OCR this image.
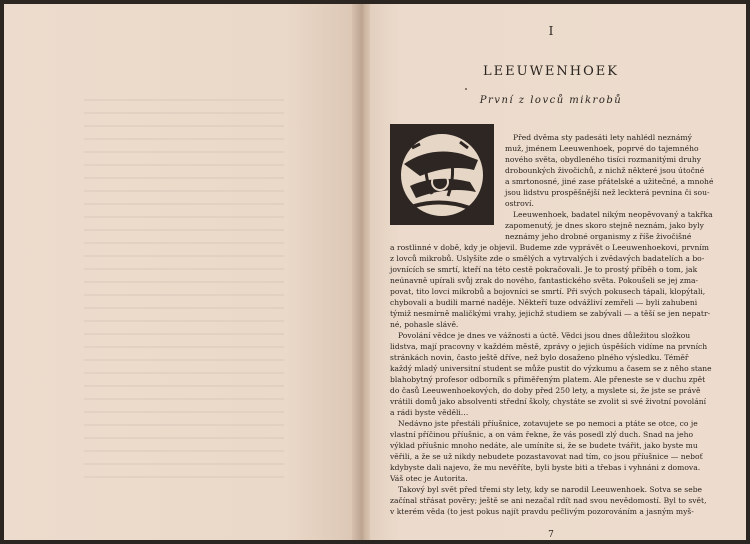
I
LEEUWENHOEK
První z lovců mikrobů
Před dvěma sty padesáti lety nahlédl neznámý
muž, jménem Leeuwenhoek, poprvé do tajemného
nového světa, obydleného tisíci rozmanitými druhy
drobounkých živočichů, z nichž některé jsou útočné
a smrtonosné, jiné zase přátelské a užitečné, a mnohé
jsou lidstvu prospěšnější než leckterá pevnina či sou-
ostroví.
Leeuwenhoek, badatel nikým neopěvovaný a takřka
zapomenutý, je dnes skoro stejně neznám, jako byly
neznámy jeho drobné organismy z říše živočišné
a rostlinné v době, kdy je objevil. Budeme zde vyprávět o Leeuwenhoekovi, prvním
z lovců mikrobů. Uslyšíte zde o smělých a vytrvalých i zvědavých badatelích a bo-
jovnících se smrtí, kteří na této cestě pokračovali. Je to prostý příběh o tom, jak
neúnavně upírali svůj zrak do nového, fantastického světa. Pokoušeli se jej zma-
povat, tito lovci mikrobů a bojovníci se smrtí. Při svých pokusech tápali, klopýtali,
chybovali a budili marné naděje. Někteří tuze odvážliví zemřeli — byli zahubeni
týmiž nesmírně maličkými vrahy, jejichž studiem se zabývali — a těší se jen nepatr-
né, pohasle slávě.
Povolání vědce je dnes ve vážnosti a úctě. Vědci jsou dnes důležitou složkou
lidstva, mají pracovny v každém městě, zprávy o jejich úspěších vidíme na prvních
stránkách novin, často ještě dříve, než bylo dosaženo plného výsledku. Téměř
každý mladý universitní student se může pustit do výzkumu a časem se z něho stane
blahobytný profesor odborník s přiměřeným platem. Ale přeneste se v duchu zpět
do časů Leeuwenhoekových, do doby před 250 lety, a myslete si, že jste se právě
vrátili domů jako absolventi střední školy, chystáte se zvolit si své životní povolání
a rádi byste věděli…
Nedávno jste přestáli příušnice, zotavujete se po nemoci a ptáte se otce, co je
vlastní příčinou příušnic, a on vám řekne, že vás posedl zlý duch. Snad na jeho
výklad příušnic mnoho nedáte, ale umíníte si, že se budete tvářit, jako byste mu
věřili, a že se už nikdy nebudete pozastavovat nad tím, co jsou příušnice — neboť
kdybyste dali najevo, že mu nevěříte, byli byste biti a třebas i vyhnáni z domova.
Váš otec je Autorita.
Takový byl svět před třemi sty lety, kdy se narodil Leeuwenhoek. Sotva se sebe
začínal střásat pověry; ještě se ani nezačal rdít nad svou nevědomostí. Byl to svět,
v kterém věda (to jest pokus najít pravdu pečlivým pozorováním a jasným myš-
7
